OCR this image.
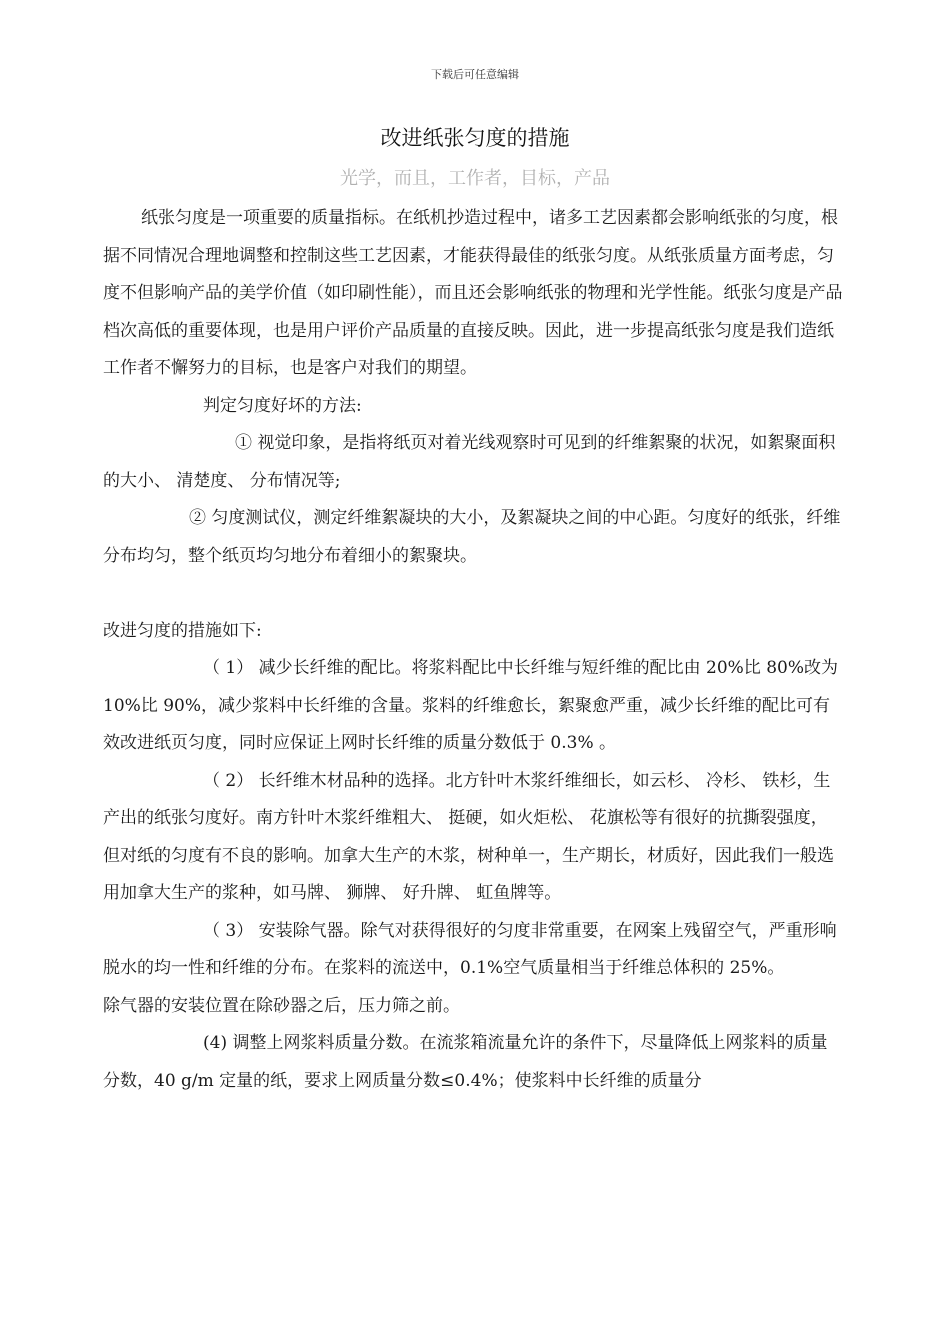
下载后可任意编辑
改进纸张匀度的措施
光学，而且，工作者，目标，产品

纸张匀度是一项重要的质量指标。在纸机抄造过程中，诸多工艺因素都会影响纸张的匀度，根据不同情况合理地调整和控制这些工艺因素，才能获得最佳的纸张匀度。从纸张质量方面考虑，匀度不但影响产品的美学价值（如印刷性能），而且还会影响纸张的物理和光学性能。纸张匀度是产品档次高低的重要体现，也是用户评价产品质量的直接反映。因此，进一步提高纸张匀度是我们造纸工作者不懈努力的目标，也是客户对我们的期望。

判定匀度好坏的方法:

① 视觉印象，是指将纸页对着光线观察时可见到的纤维絮聚的状况，如絮聚面积的大小、 清楚度、 分布情况等;

② 匀度测试仪，测定纤维絮凝块的大小，及絮凝块之间的中心距。匀度好的纸张，纤维分布均匀，整个纸页均匀地分布着细小的絮聚块。

改进匀度的措施如下:

（ 1） 减少长纤维的配比。将浆料配比中长纤维与短纤维的配比由 20%比 80%改为 10%比 90%，减少浆料中长纤维的含量。浆料的纤维愈长，絮聚愈严重，减少长纤维的配比可有效改进纸页匀度，同时应保证上网时长纤维的质量分数低于 0.3% 。

（ 2） 长纤维木材品种的选择。北方针叶木浆纤维细长，如云杉、 冷杉、 铁杉，生产出的纸张匀度好。南方针叶木浆纤维粗大、 挺硬，如火炬松、 花旗松等有很好的抗撕裂强度，但对纸的匀度有不良的影响。加拿大生产的木浆，树种单一，生产期长，材质好，因此我们一般选用加拿大生产的浆种，如马牌、 狮牌、 好升牌、 虹鱼牌等。

（ 3） 安装除气器。除气对获得很好的匀度非常重要，在网案上残留空气，严重形响脱水的均一性和纤维的分布。在浆料的流送中，0.1%空气质量相当于纤维总体积的 25%。

除气器的安装位置在除砂器之后，压力筛之前。

(4) 调整上网浆料质量分数。在流浆箱流量允许的条件下，尽量降低上网浆料的质量分数，40 g/m 定量的纸，要求上网质量分数≤0.4%；使浆料中长纤维的质量分
